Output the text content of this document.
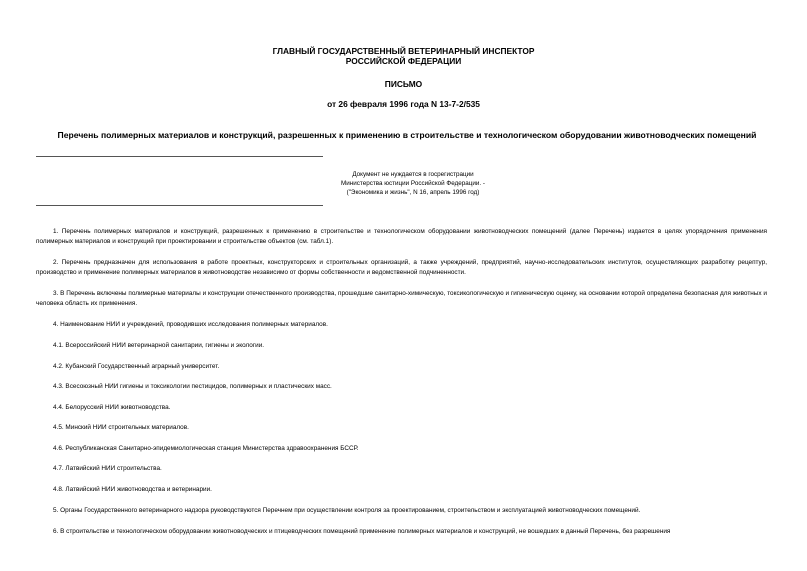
ГЛАВНЫЙ ГОСУДАРСТВЕННЫЙ ВЕТЕРИНАРНЫЙ ИНСПЕКТОР
РОССИЙСКОЙ ФЕДЕРАЦИИ
ПИСЬМО
от 26 февраля 1996 года N 13-7-2/535
Перечень полимерных материалов и конструкций, разрешенных к применению в строительстве и технологическом оборудовании животноводческих помещений
Документ не нуждается в госрегистрации
Министерства юстиции Российской Федерации. -
("Экономика и жизнь", N 16, апрель 1996 год)

1. Перечень полимерных материалов и конструкций, разрешенных к применению в строительстве и технологическом оборудовании животноводческих помещений (далее Перечень) издается в целях упорядочения применения полимерных материалов и конструкций при проектировании и строительстве объектов (см. табл.1).

2. Перечень предназначен для использования в работе проектных, конструкторских и строительных организаций, а также учреждений, предприятий, научно-исследовательских институтов, осуществляющих разработку рецептур, производство и применение полимерных материалов в животноводстве независимо от формы собственности и ведомственной подчиненности.

3. В Перечень включены полимерные материалы и конструкции отечественного производства, прошедшие санитарно-химическую, токсикологическую и гигиеническую оценку, на основании которой определена безопасная для животных и человека область их применения.

4. Наименование НИИ и учреждений, проводивших исследования полимерных материалов.

4.1. Всероссийский НИИ ветеринарной санитарии, гигиены и экологии.

4.2. Кубанский Государственный аграрный университет.

4.3. Всесоюзный НИИ гигиены и токсикологии пестицидов, полимерных и пластических масс.

4.4. Белорусский НИИ животноводства.

4.5. Минский НИИ строительных материалов.

4.6. Республиканская Санитарно-эпидемиологическая станция Министерства здравоохранения БССР.

4.7. Латвийский НИИ строительства.

4.8. Латвийский НИИ животноводства и ветеринарии.

5. Органы Государственного ветеринарного надзора руководствуются Перечнем при осуществлении контроля за проектированием, строительством и эксплуатацией животноводческих помещений.

6. В строительстве и технологическом оборудовании животноводческих и птицеводческих помещений применение полимерных материалов и конструкций, не вошедших в данный Перечень, без разрешения
